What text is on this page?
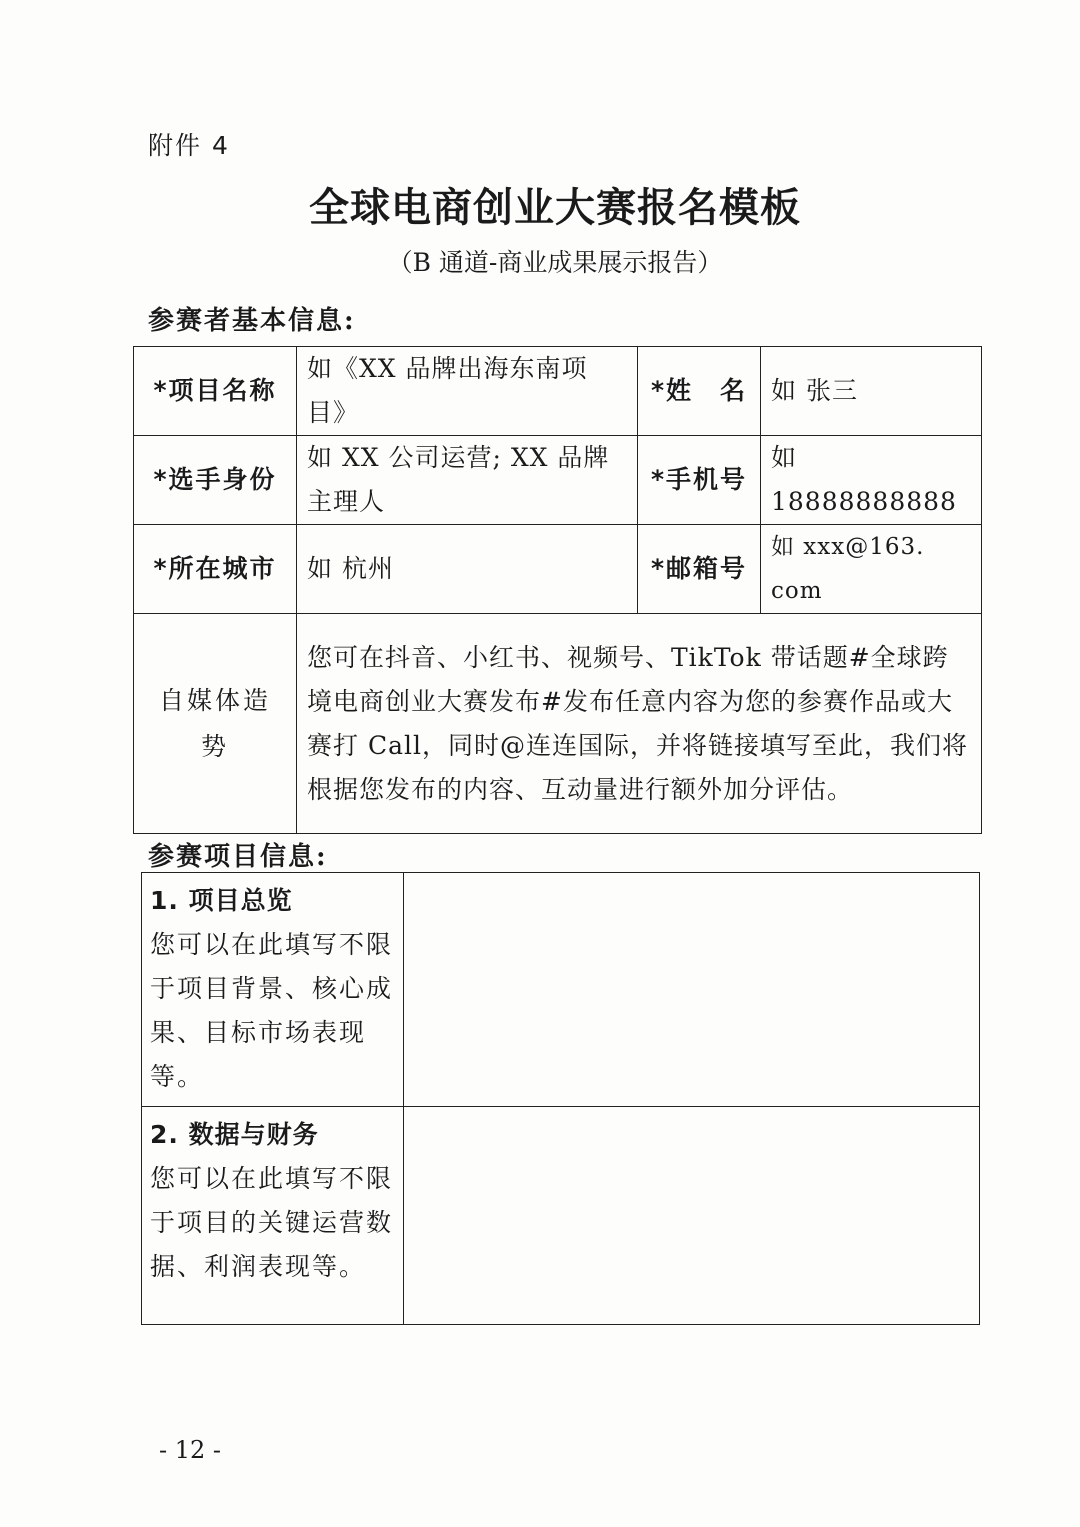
附件 4
全球电商创业大赛报名模板
（B 通道-商业成果展示报告）
参赛者基本信息:
*项目名称	如《XX 品牌出海东南项目》	*姓　名	如 张三
*选手身份	如 XX 公司运营; XX 品牌主理人	*手机号	如 18888888888
*所在城市	如 杭州	*邮箱号	如 xxx@163. com

自媒体造势	您可在抖音、小红书、视频号、TikTok 带话题#全球跨境电商创业大赛发布#发布任意内容为您的参赛作品或大赛打 Call，同时@连连国际，并将链接填写至此，我们将根据您发布的内容、互动量进行额外加分评估。		
参赛项目信息:
1. 项目总览
您可以在此填写不限于项目背景、核心成果、目标市场表现等。	

2. 数据与财务
您可以在此填写不限于项目的关键运营数据、利润表现等。	

- 12 -
